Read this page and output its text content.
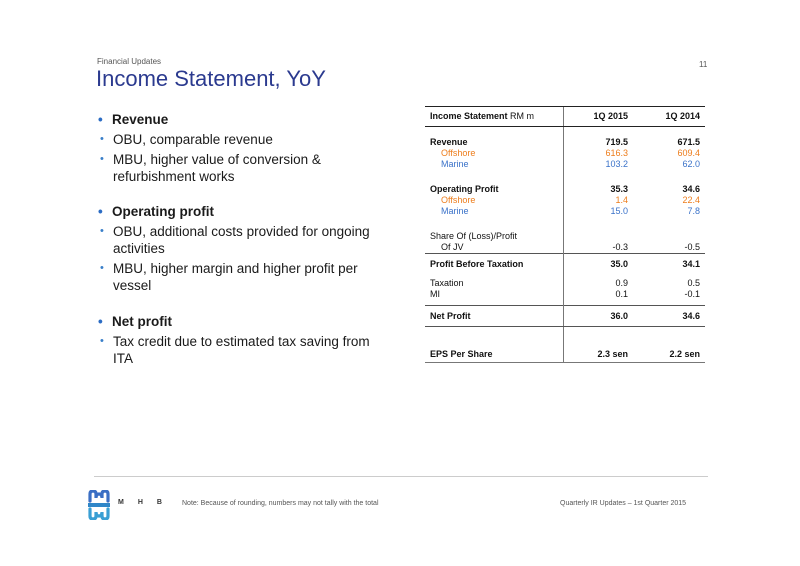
Financial Updates	11
Income Statement, YoY
• Revenue
• OBU, comparable revenue
• MBU, higher value of conversion & refurbishment works
• Operating profit
• OBU, additional costs provided for ongoing activities
• MBU, higher margin and higher profit per vessel
• Net profit
• Tax credit due to estimated tax saving from ITA
Income Statement RM m	1Q 2015	1Q 2014

Revenue	719.5	671.5
Offshore	616.3	609.4
Marine	103.2	62.0

Operating Profit	35.3	34.6
Offshore	1.4	22.4
Marine	15.0	7.8

Share Of (Loss)/Profit		
Of JV	-0.3	-0.5
Profit Before Taxation	35.0	34.1

Taxation	0.9	0.5
MI	0.1	-0.1

Net Profit	36.0	34.6

EPS Per Share	2.3 sen	2.2 sen
MHB Note: Because of rounding, numbers may not tally with the total	Quarterly IR Updates – 1st Quarter 2015
